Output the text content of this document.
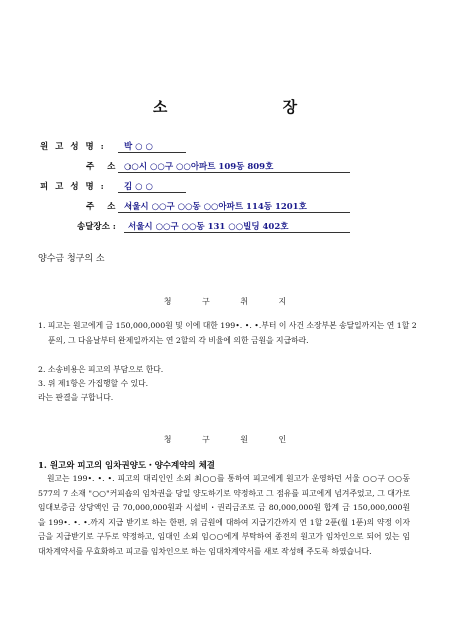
소 장
원 고 성 명 : 박 ○ ○
주 소 :
○○시 ○○구 ○○아파트 109동 809호
피 고 성 명 : 김 ○ ○
주 소 :
서울시 ○○구 ○○동 ○○아파트 114동 1201호
송달장소 : 서울시 ○○구 ○○동 131 ○○빌딩 402호
양수금 청구의 소
청 구 취 지
1. 피고는 원고에게 금 150,000,000원 및 이에 대한 199•. •. •.부터 이 사건 소장부본 송달일까지는 연 1할 2푼의, 그 다음날부터 완제일까지는 연 2할의 각 비율에 의한 금원을 지급하라.
2. 소송비용은 피고의 부담으로 한다.
3. 위 제1항은 가집행할 수 있다.
라는 판결을 구합니다.
청 구 원 인
1. 원고와 피고의 임차권양도・양수계약의 체결
원고는 199•. •. •. 피고의 대리인인 소외 최○○를 통하여 피고에게 원고가 운영하던 서울 ○○구 ○○동 577의 7 소재 "○○"커피숍의 임차권을 당일 양도하기로 약정하고 그 점유를 피고에게 넘겨주었고, 그 대가로 임대보증금 상당액인 금 70,000,000원과 시설비・권리금조로 금 80,000,000원 합계 금 150,000,000원을 199•. •. •.까지 지급 받기로 하는 한편, 위 금원에 대하여 지급기간까지 연 1할 2푼(월 1푼)의 약정 이자금을 지급받기로 구두로 약정하고, 임대인 소외 임○○에게 부탁하여 종전의 원고가 임차인으로 되어 있는 임대차계약서를 무효화하고 피고를 임차인으로 하는 임대차계약서를 새로 작성해 주도록 하였습니다.
